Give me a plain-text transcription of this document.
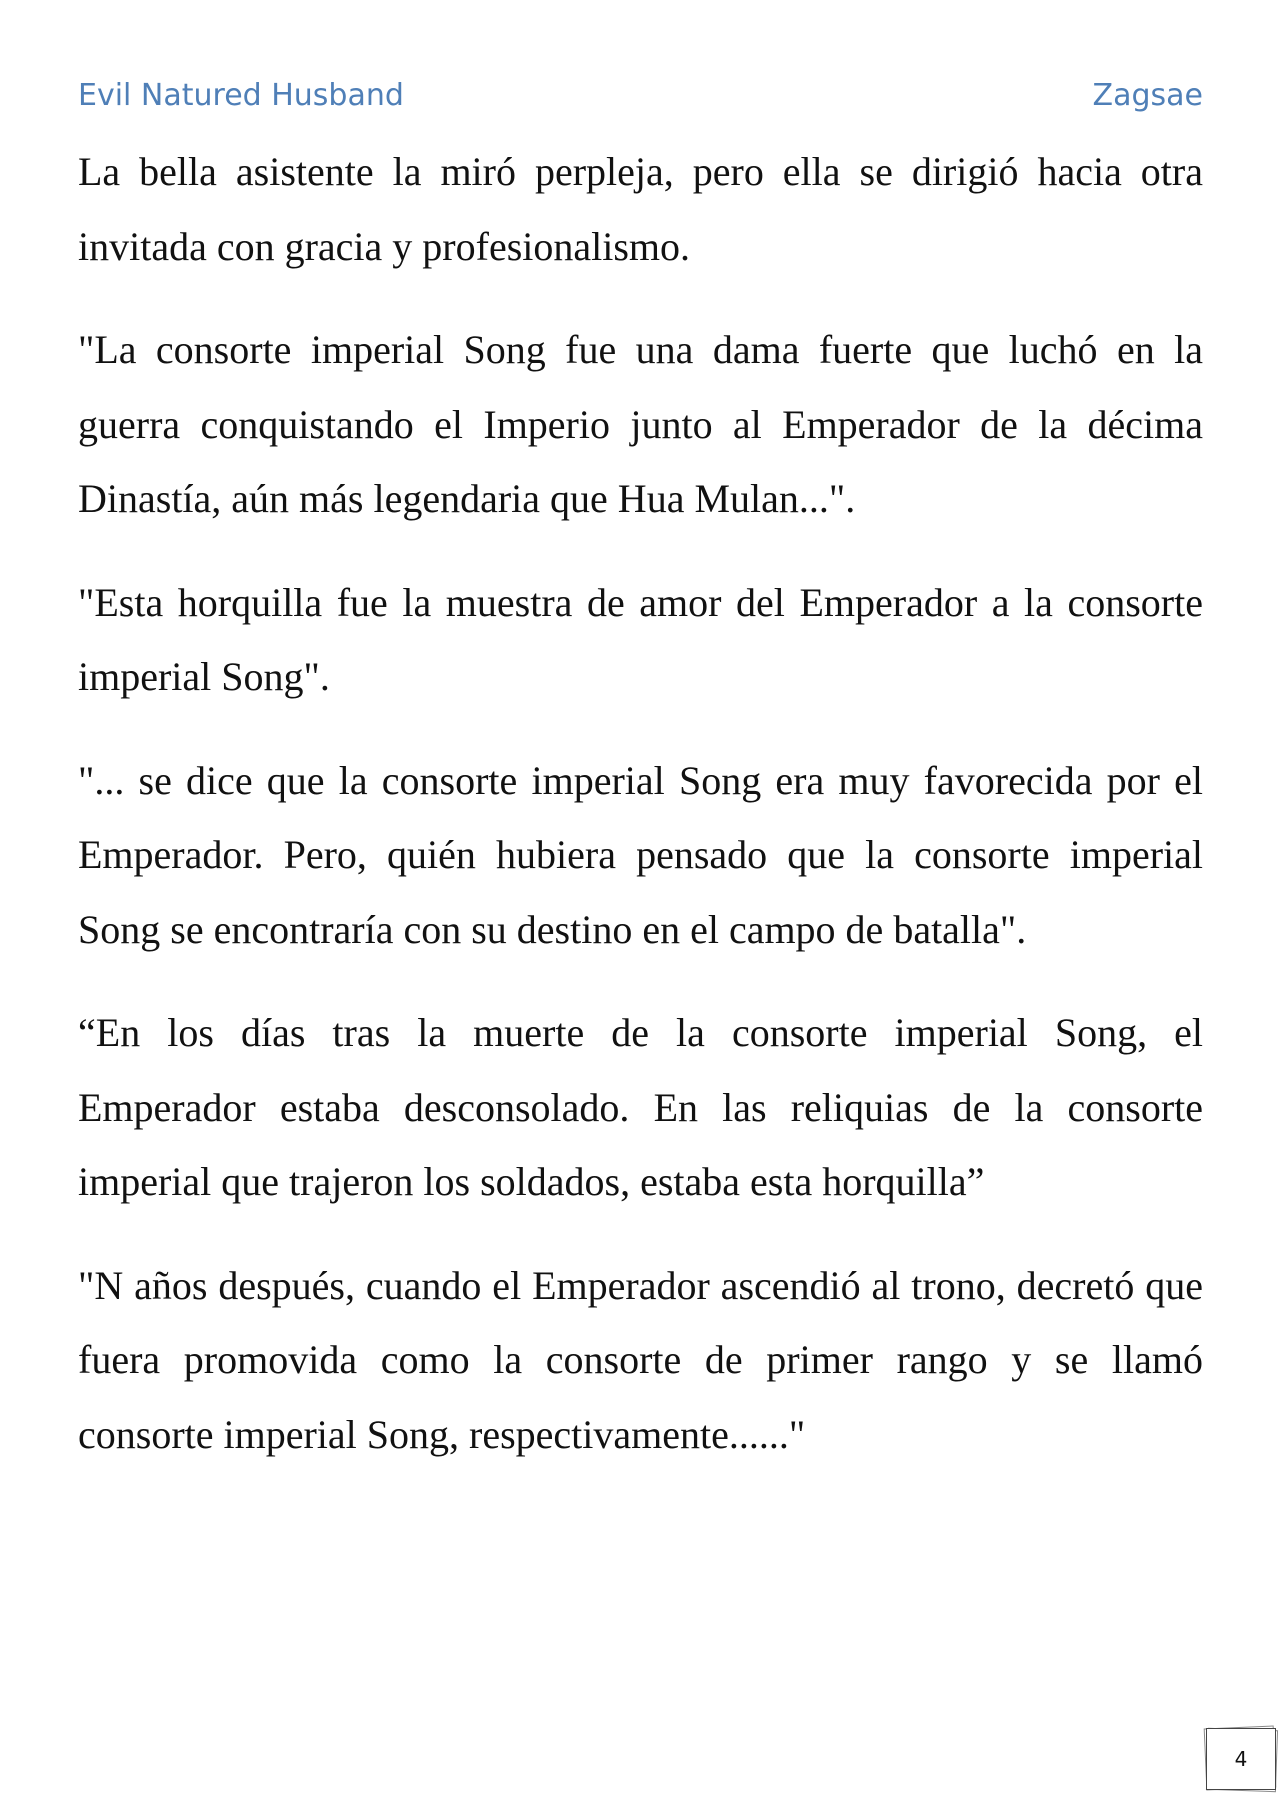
Evil Natured Husband	Zagsae

La bella asistente la miró perpleja, pero ella se dirigió hacia otra invitada con gracia y profesionalismo.

"La consorte imperial Song fue una dama fuerte que luchó en la guerra conquistando el Imperio junto al Emperador de la décima Dinastía, aún más legendaria que Hua Mulan...".

"Esta horquilla fue la muestra de amor del Emperador a la consorte imperial Song".

"... se dice que la consorte imperial Song era muy favorecida por el Emperador. Pero, quién hubiera pensado que la consorte imperial Song se encontraría con su destino en el campo de batalla".

“En los días tras la muerte de la consorte imperial Song, el Emperador estaba desconsolado. En las reliquias de la consorte imperial que trajeron los soldados, estaba esta horquilla”

"N años después, cuando el Emperador ascendió al trono, decretó que fuera promovida como la consorte de primer rango y se llamó consorte imperial Song, respectivamente......"

4
